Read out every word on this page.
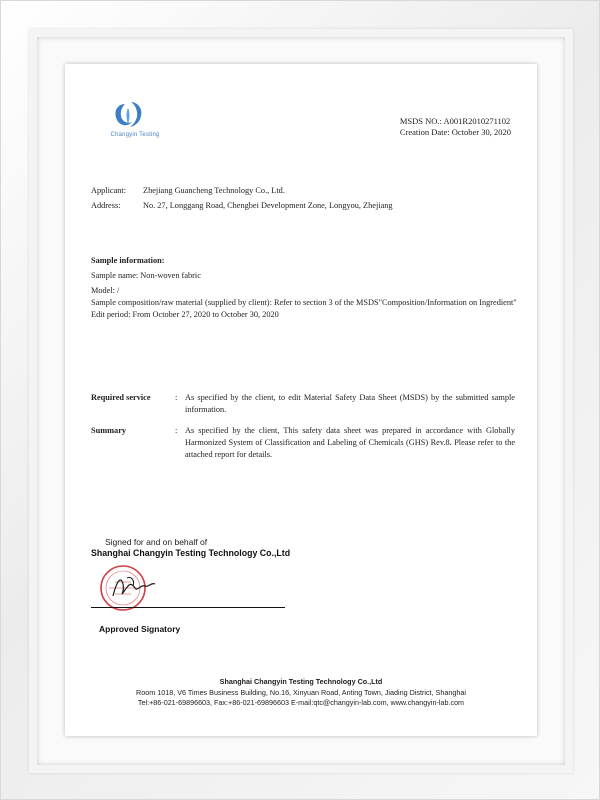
Changyin Testing
MSDS NO.: A001R2010271102
Creation Date: October 30, 2020
Applicant: Zhejiang Guancheng Technology Co., Ltd.
Address:	No. 27, Longgang Road, Chengbei Development Zone, Longyou, Zhejiang
Sample information:
Sample name: Non-woven fabric
Model: /
Sample composition/raw material (supplied by client): Refer to section 3 of the MSDS"Composition/Information on Ingredient"
Edit period: From October 27, 2020 to October 30, 2020
Required service	: As specified by the client, to edit Material Safety Data Sheet (MSDS) by the submitted sample information.
Summary	: As specified by the client, This safety data sheet was prepared in accordance with Globally Harmonized System of Classification and Labeling of Chemicals (GHS) Rev.8. Please refer to the attached report for details.
Signed for and on behalf of
Shanghai Changyin Testing Technology Co.,Ltd
Approved Signatory
Shanghai Changyin Testing Technology Co.,Ltd
Room 1018, V6 Times Business Building, No.16, Xinyuan Road, Anting Town, Jiading District, Shanghai
Tel:+86-021-69896603, Fax:+86-021-69896603 E-mail:qtc@changyin-lab.com, www.changyin-lab.com
